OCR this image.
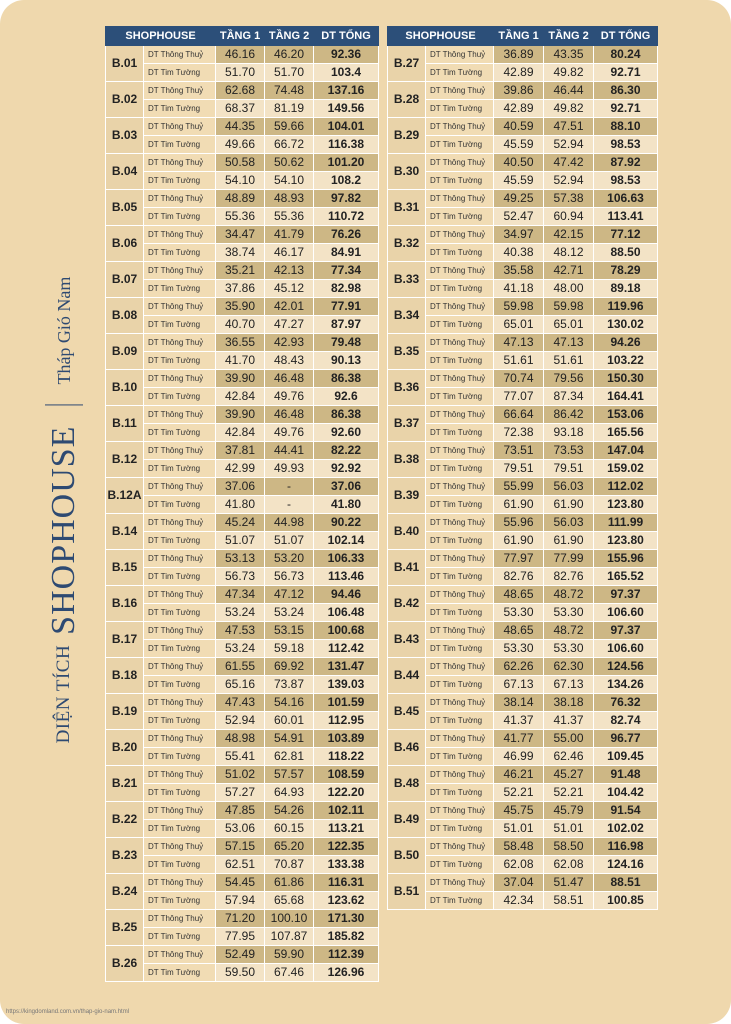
DIỆN TÍCH
SHOPHOUSE
Tháp Gió Nam
SHOPHOUSE		TẦNG 1	TẦNG 2	DT TỔNG
B.01	DT Thông Thuỷ	46.16	46.20	92.36
	DT Tim Tường	51.70	51.70	103.4
B.02	DT Thông Thuỷ	62.68	74.48	137.16
	DT Tim Tường	68.37	81.19	149.56
B.03	DT Thông Thuỷ	44.35	59.66	104.01
	DT Tim Tường	49.66	66.72	116.38
B.04	DT Thông Thuỷ	50.58	50.62	101.20
	DT Tim Tường	54.10	54.10	108.2
B.05	DT Thông Thuỷ	48.89	48.93	97.82
	DT Tim Tường	55.36	55.36	110.72
B.06	DT Thông Thuỷ	34.47	41.79	76.26
	DT Tim Tường	38.74	46.17	84.91
B.07	DT Thông Thuỷ	35.21	42.13	77.34
	DT Tim Tường	37.86	45.12	82.98
B.08	DT Thông Thuỷ	35.90	42.01	77.91
	DT Tim Tường	40.70	47.27	87.97
B.09	DT Thông Thuỷ	36.55	42.93	79.48
	DT Tim Tường	41.70	48.43	90.13
B.10	DT Thông Thuỷ	39.90	46.48	86.38
	DT Tim Tường	42.84	49.76	92.6
B.11	DT Thông Thuỷ	39.90	46.48	86.38
	DT Tim Tường	42.84	49.76	92.60
B.12	DT Thông Thuỷ	37.81	44.41	82.22
	DT Tim Tường	42.99	49.93	92.92
B.12A	DT Thông Thuỷ	37.06	-	37.06
	DT Tim Tường	41.80	-	41.80
B.14	DT Thông Thuỷ	45.24	44.98	90.22
	DT Tim Tường	51.07	51.07	102.14
B.15	DT Thông Thuỷ	53.13	53.20	106.33
	DT Tim Tường	56.73	56.73	113.46
B.16	DT Thông Thuỷ	47.34	47.12	94.46
	DT Tim Tường	53.24	53.24	106.48
B.17	DT Thông Thuỷ	47.53	53.15	100.68
	DT Tim Tường	53.24	59.18	112.42
B.18	DT Thông Thuỷ	61.55	69.92	131.47
	DT Tim Tường	65.16	73.87	139.03
B.19	DT Thông Thuỷ	47.43	54.16	101.59
	DT Tim Tường	52.94	60.01	112.95
B.20	DT Thông Thuỷ	48.98	54.91	103.89
	DT Tim Tường	55.41	62.81	118.22
B.21	DT Thông Thuỷ	51.02	57.57	108.59
	DT Tim Tường	57.27	64.93	122.20
B.22	DT Thông Thuỷ	47.85	54.26	102.11
	DT Tim Tường	53.06	60.15	113.21
B.23	DT Thông Thuỷ	57.15	65.20	122.35
	DT Tim Tường	62.51	70.87	133.38
B.24	DT Thông Thuỷ	54.45	61.86	116.31
	DT Tim Tường	57.94	65.68	123.62
B.25	DT Thông Thuỷ	71.20	100.10	171.30
	DT Tim Tường	77.95	107.87	185.82
B.26	DT Thông Thuỷ	52.49	59.90	112.39
	DT Tim Tường	59.50	67.46	126.96
SHOPHOUSE		TẦNG 1	TẦNG 2	DT TỔNG
B.27	DT Thông Thuỷ	36.89	43.35	80.24
	DT Tim Tường	42.89	49.82	92.71
B.28	DT Thông Thuỷ	39.86	46.44	86.30
	DT Tim Tường	42.89	49.82	92.71
B.29	DT Thông Thuỷ	40.59	47.51	88.10
	DT Tim Tường	45.59	52.94	98.53
B.30	DT Thông Thuỷ	40.50	47.42	87.92
	DT Tim Tường	45.59	52.94	98.53
B.31	DT Thông Thuỷ	49.25	57.38	106.63
	DT Tim Tường	52.47	60.94	113.41
B.32	DT Thông Thuỷ	34.97	42.15	77.12
	DT Tim Tường	40.38	48.12	88.50
B.33	DT Thông Thuỷ	35.58	42.71	78.29
	DT Tim Tường	41.18	48.00	89.18
B.34	DT Thông Thuỷ	59.98	59.98	119.96
	DT Tim Tường	65.01	65.01	130.02
B.35	DT Thông Thuỷ	47.13	47.13	94.26
	DT Tim Tường	51.61	51.61	103.22
B.36	DT Thông Thuỷ	70.74	79.56	150.30
	DT Tim Tường	77.07	87.34	164.41
B.37	DT Thông Thuỷ	66.64	86.42	153.06
	DT Tim Tường	72.38	93.18	165.56
B.38	DT Thông Thuỷ	73.51	73.53	147.04
	DT Tim Tường	79.51	79.51	159.02
B.39	DT Thông Thuỷ	55.99	56.03	112.02
	DT Tim Tường	61.90	61.90	123.80
B.40	DT Thông Thuỷ	55.96	56.03	111.99
	DT Tim Tường	61.90	61.90	123.80
B.41	DT Thông Thuỷ	77.97	77.99	155.96
	DT Tim Tường	82.76	82.76	165.52
B.42	DT Thông Thuỷ	48.65	48.72	97.37
	DT Tim Tường	53.30	53.30	106.60
B.43	DT Thông Thuỷ	48.65	48.72	97.37
	DT Tim Tường	53.30	53.30	106.60
B.44	DT Thông Thuỷ	62.26	62.30	124.56
	DT Tim Tường	67.13	67.13	134.26
B.45	DT Thông Thuỷ	38.14	38.18	76.32
	DT Tim Tường	41.37	41.37	82.74
B.46	DT Thông Thuỷ	41.77	55.00	96.77
	DT Tim Tường	46.99	62.46	109.45
B.48	DT Thông Thuỷ	46.21	45.27	91.48
	DT Tim Tường	52.21	52.21	104.42
B.49	DT Thông Thuỷ	45.75	45.79	91.54
	DT Tim Tường	51.01	51.01	102.02
B.50	DT Thông Thuỷ	58.48	58.50	116.98
	DT Tim Tường	62.08	62.08	124.16
B.51	DT Thông Thuỷ	37.04	51.47	88.51
	DT Tim Tường	42.34	58.51	100.85
https://kingdomland.com.vn/thap-gio-nam.html
